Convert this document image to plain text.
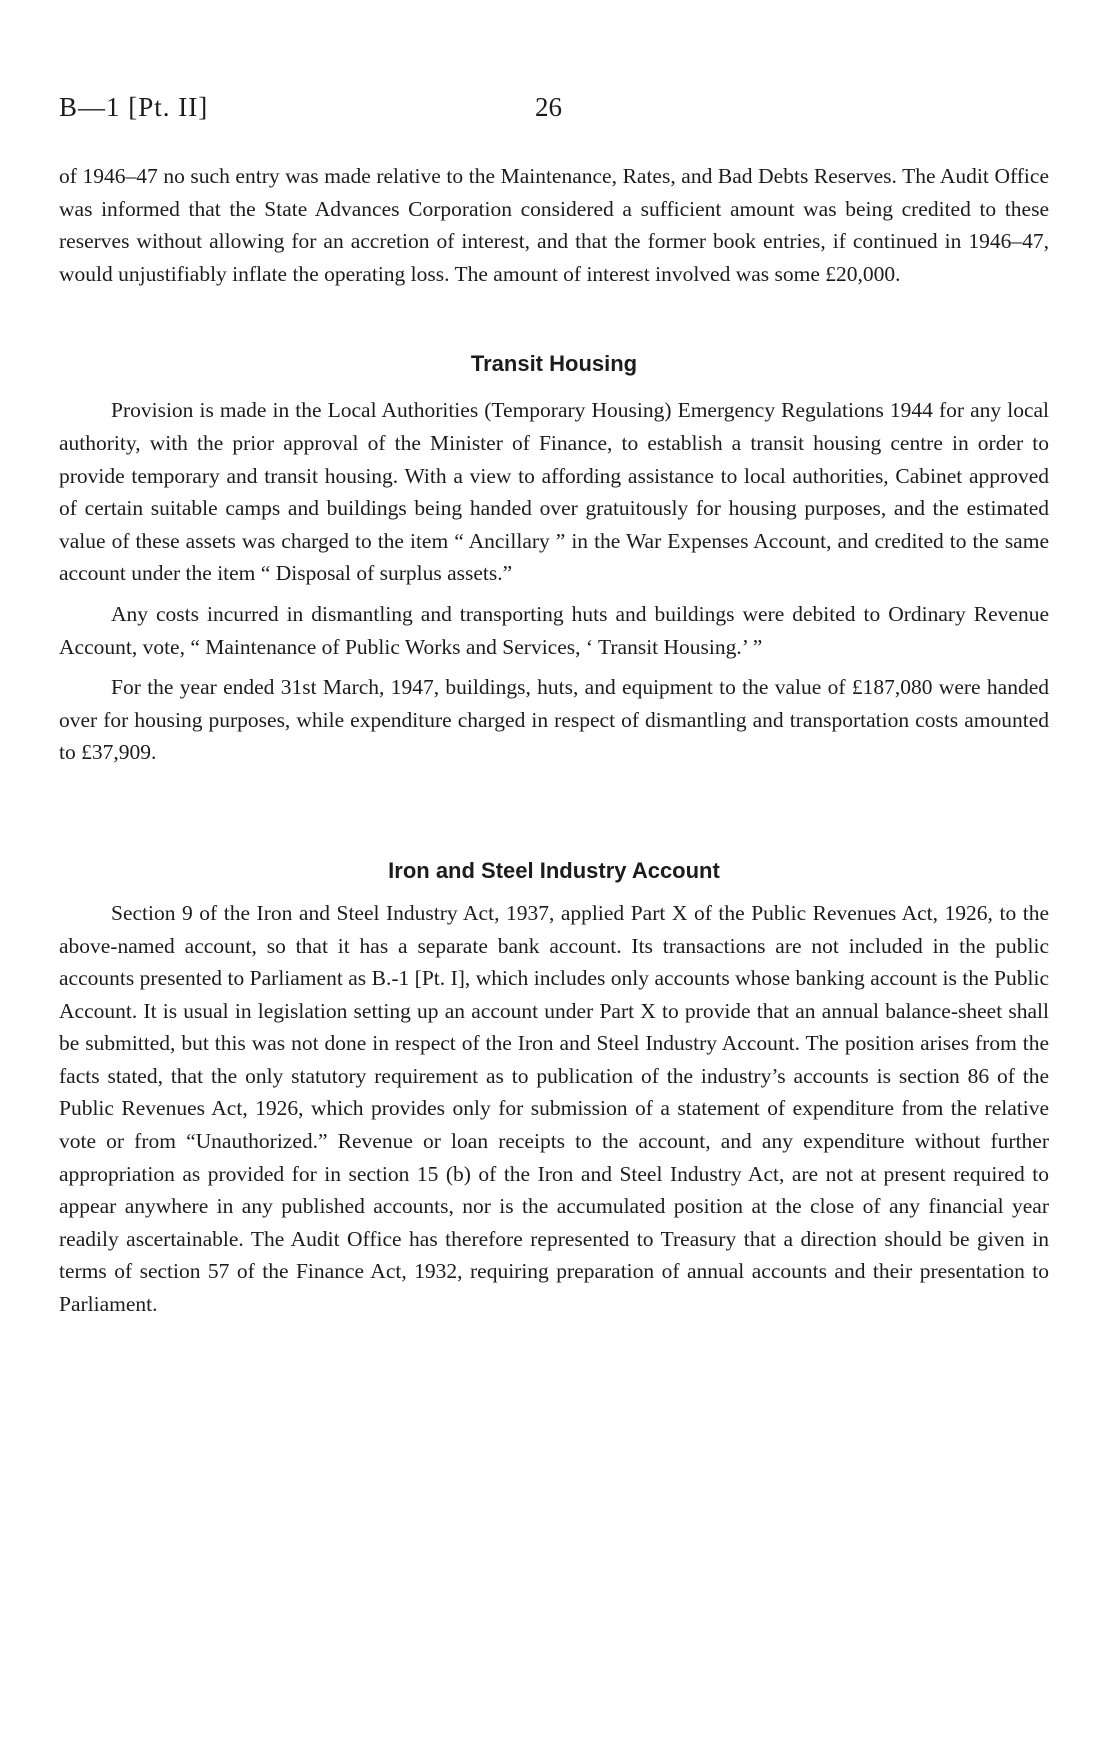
B—1 [Pt. II]	26

of 1946–47 no such entry was made relative to the Maintenance, Rates, and Bad Debts Reserves. The Audit Office was informed that the State Advances Corporation considered a sufficient amount was being credited to these reserves without allowing for an accretion of interest, and that the former book entries, if continued in 1946–47, would unjustifiably inflate the operating loss. The amount of interest involved was some £20,000.

Transit Housing

Provision is made in the Local Authorities (Temporary Housing) Emergency Regulations 1944 for any local authority, with the prior approval of the Minister of Finance, to establish a transit housing centre in order to provide temporary and transit housing. With a view to affording assistance to local authorities, Cabinet approved of certain suitable camps and buildings being handed over gratuitously for housing purposes, and the estimated value of these assets was charged to the item “ Ancillary ” in the War Expenses Account, and credited to the same account under the item “ Disposal of surplus assets.”

Any costs incurred in dismantling and transporting huts and buildings were debited to Ordinary Revenue Account, vote, “ Maintenance of Public Works and Services, ‘ Transit Housing.’ ”

For the year ended 31st March, 1947, buildings, huts, and equipment to the value of £187,080 were handed over for housing purposes, while expenditure charged in respect of dismantling and transportation costs amounted to £37,909.

Iron and Steel Industry Account

Section 9 of the Iron and Steel Industry Act, 1937, applied Part X of the Public Revenues Act, 1926, to the above-named account, so that it has a separate bank account. Its transactions are not included in the public accounts presented to Parliament as B.-1 [Pt. I], which includes only accounts whose banking account is the Public Account. It is usual in legislation setting up an account under Part X to provide that an annual balance-sheet shall be submitted, but this was not done in respect of the Iron and Steel Industry Account. The position arises from the facts stated, that the only statutory requirement as to publication of the industry’s accounts is section 86 of the Public Revenues Act, 1926, which provides only for submission of a statement of expenditure from the relative vote or from “Unauthorized.” Revenue or loan receipts to the account, and any expenditure without further appropriation as provided for in section 15 (b) of the Iron and Steel Industry Act, are not at present required to appear anywhere in any published accounts, nor is the accumulated position at the close of any financial year readily ascertainable. The Audit Office has therefore represented to Treasury that a direction should be given in terms of section 57 of the Finance Act, 1932, requiring preparation of annual accounts and their presentation to Parliament.
